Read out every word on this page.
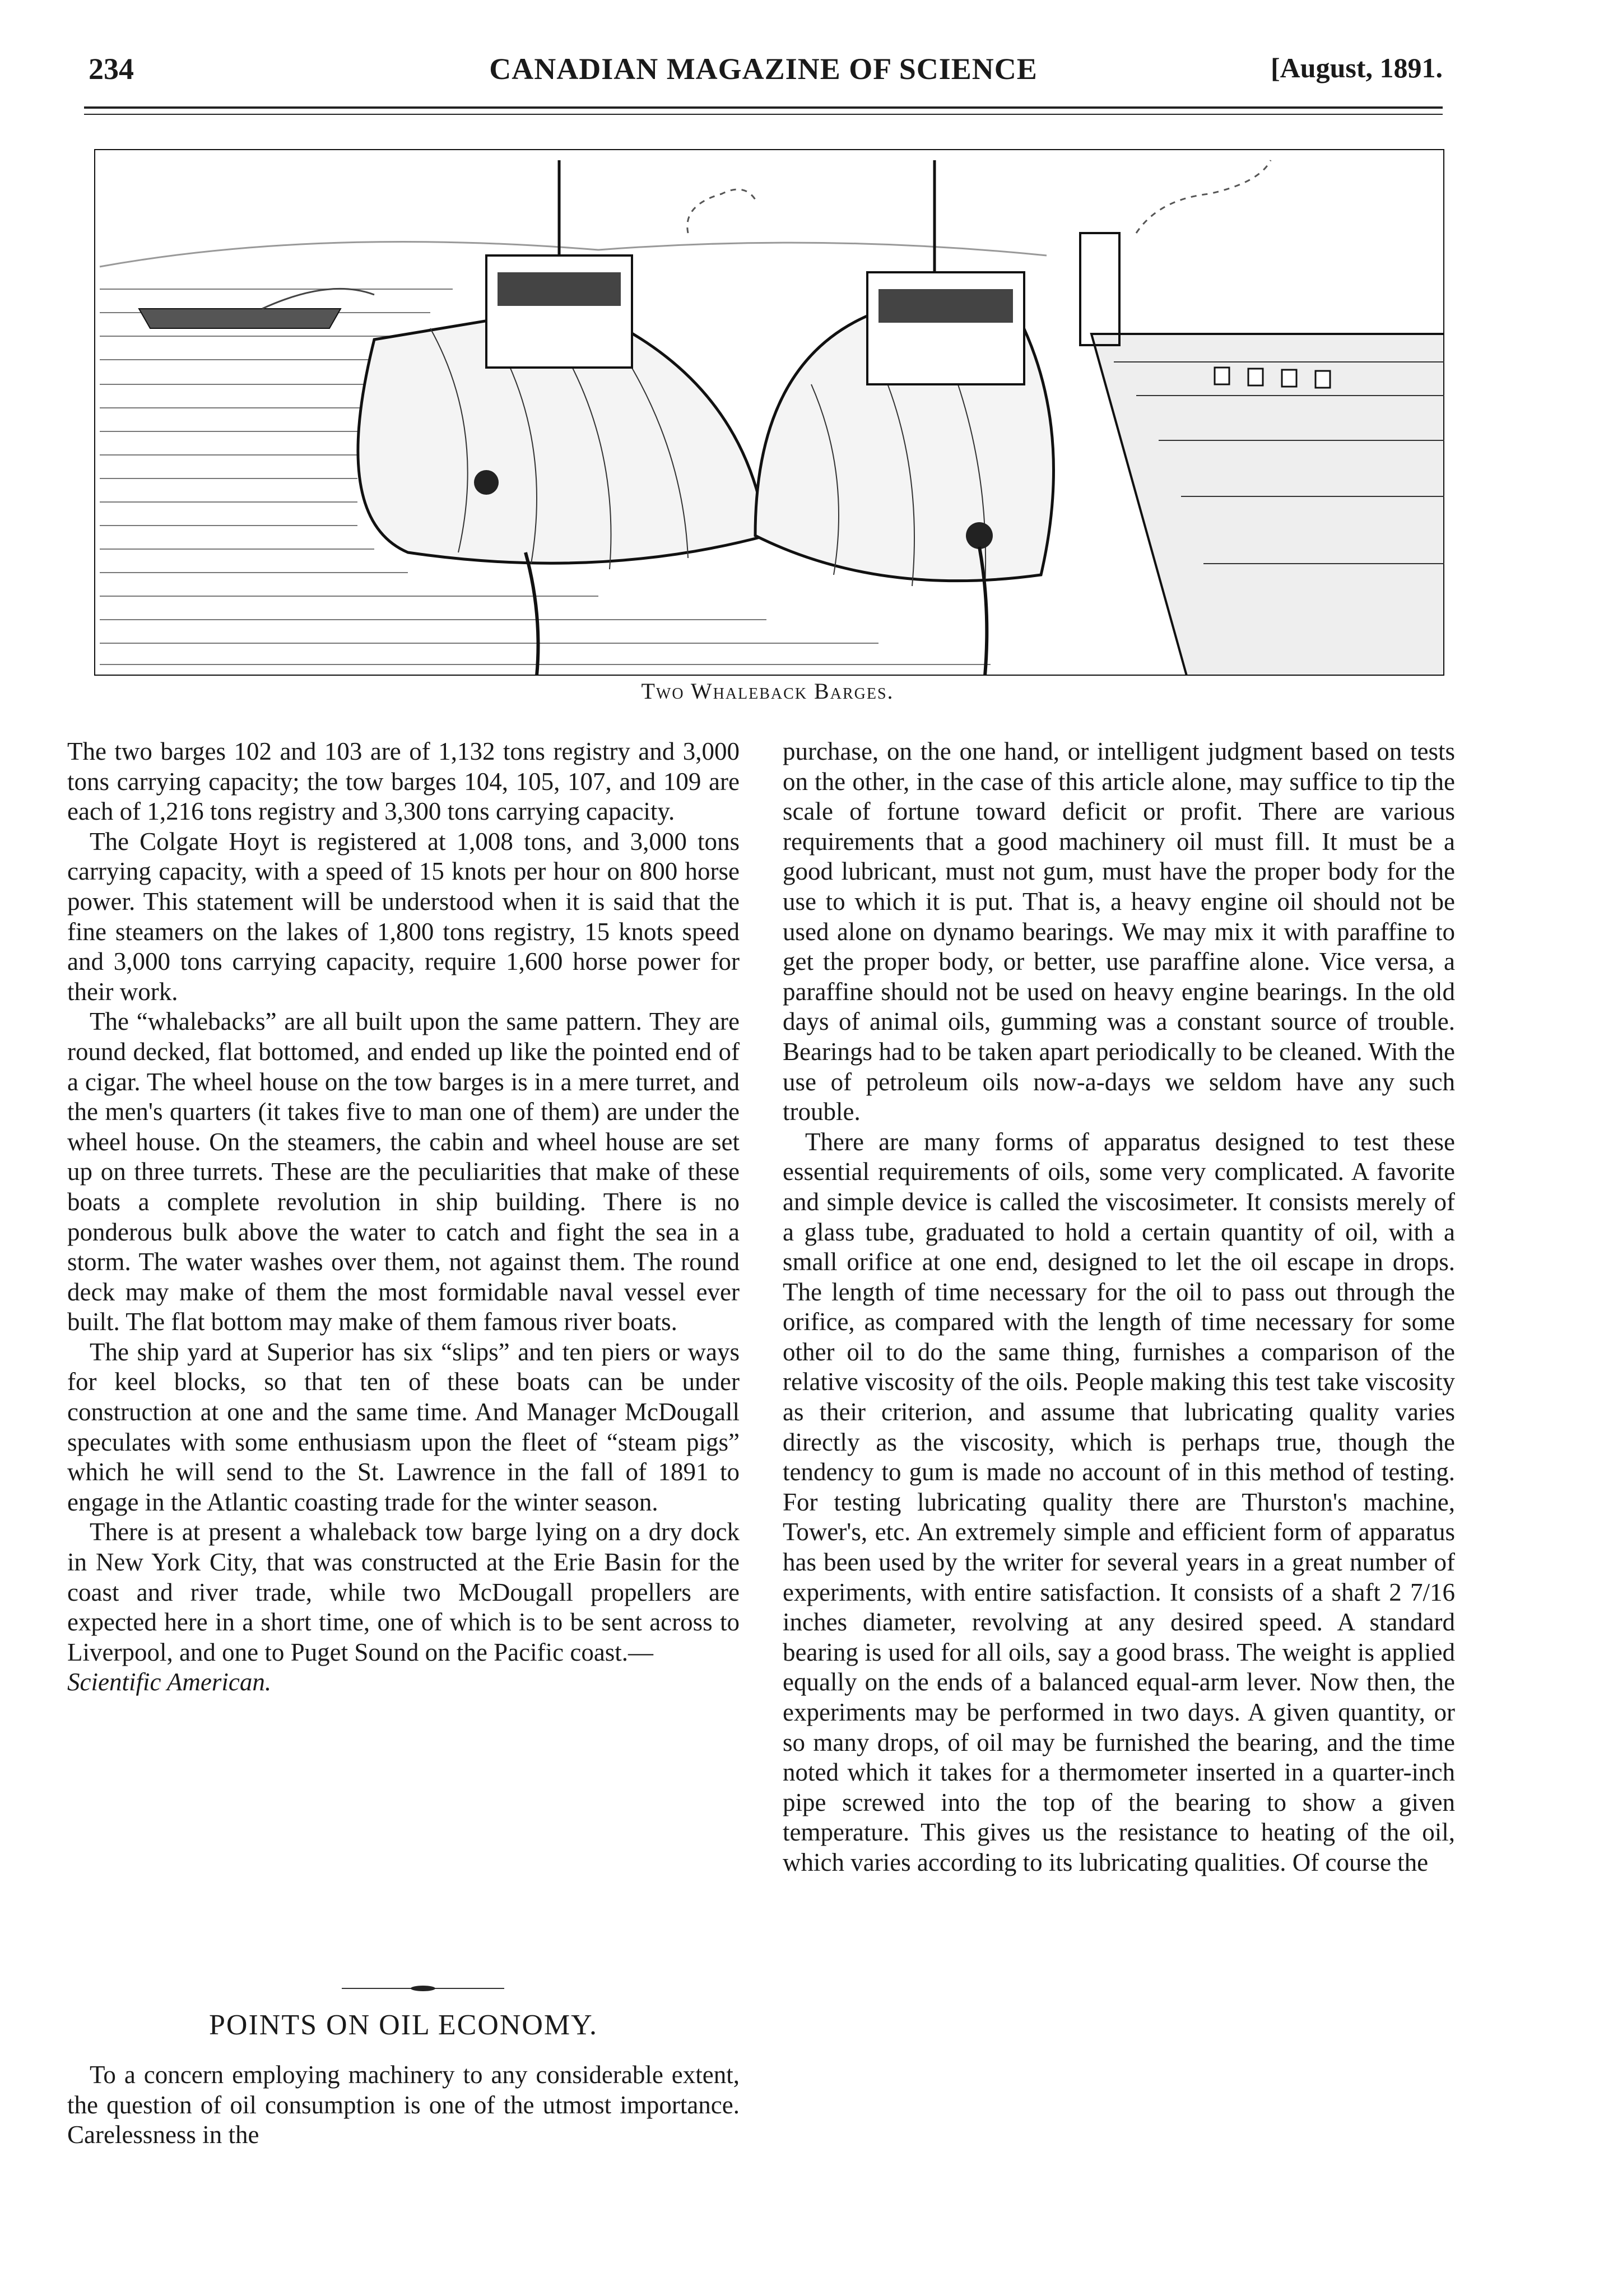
234	CANADIAN MAGAZINE OF SCIENCE	[August, 1891.
Two Whaleback Barges.

The two barges 102 and 103 are of 1,132 tons registry and 3,000 tons carrying capacity; the tow barges 104, 105, 107, and 109 are each of 1,216 tons registry and 3,300 tons carrying capacity.

The Colgate Hoyt is registered at 1,008 tons, and 3,000 tons carrying capacity, with a speed of 15 knots per hour on 800 horse power. This statement will be understood when it is said that the fine steamers on the lakes of 1,800 tons registry, 15 knots speed and 3,000 tons carrying capacity, require 1,600 horse power for their work.

The “whalebacks” are all built upon the same pattern. They are round decked, flat bottomed, and ended up like the pointed end of a cigar. The wheel house on the tow barges is in a mere turret, and the men's quarters (it takes five to man one of them) are under the wheel house. On the steamers, the cabin and wheel house are set up on three turrets. These are the peculiarities that make of these boats a complete revolution in ship building. There is no ponderous bulk above the water to catch and fight the sea in a storm. The water washes over them, not against them. The round deck may make of them the most formidable naval vessel ever built. The flat bottom may make of them famous river boats.

The ship yard at Superior has six “slips” and ten piers or ways for keel blocks, so that ten of these boats can be under construction at one and the same time. And Manager McDougall speculates with some enthusiasm upon the fleet of “steam pigs” which he will send to the St. Lawrence in the fall of 1891 to engage in the Atlantic coasting trade for the winter season.

There is at present a whaleback tow barge lying on a dry dock in New York City, that was constructed at the Erie Basin for the coast and river trade, while two McDougall propellers are expected here in a short time, one of which is to be sent across to Liverpool, and one to Puget Sound on the Pacific coast.—

Scientific American.

POINTS ON OIL ECONOMY.

To a concern employing machinery to any considerable extent, the question of oil consumption is one of the utmost importance. Carelessness in the

purchase, on the one hand, or intelligent judgment based on tests on the other, in the case of this article alone, may suffice to tip the scale of fortune toward deficit or profit. There are various requirements that a good machinery oil must fill. It must be a good lubricant, must not gum, must have the proper body for the use to which it is put. That is, a heavy engine oil should not be used alone on dynamo bearings. We may mix it with paraffine to get the proper body, or better, use paraffine alone. Vice versa, a paraffine should not be used on heavy engine bearings. In the old days of animal oils, gumming was a constant source of trouble. Bearings had to be taken apart periodically to be cleaned. With the use of petroleum oils now-a-days we seldom have any such trouble.

There are many forms of apparatus designed to test these essential requirements of oils, some very complicated. A favorite and simple device is called the viscosimeter. It consists merely of a glass tube, graduated to hold a certain quantity of oil, with a small orifice at one end, designed to let the oil escape in drops. The length of time necessary for the oil to pass out through the orifice, as compared with the length of time necessary for some other oil to do the same thing, furnishes a comparison of the relative viscosity of the oils. People making this test take viscosity as their criterion, and assume that lubricating quality varies directly as the viscosity, which is perhaps true, though the tendency to gum is made no account of in this method of testing. For testing lubricating quality there are Thurston's machine, Tower's, etc. An extremely simple and efficient form of apparatus has been used by the writer for several years in a great number of experiments, with entire satisfaction. It consists of a shaft 2 7/16 inches diameter, revolving at any desired speed. A standard bearing is used for all oils, say a good brass. The weight is applied equally on the ends of a balanced equal-arm lever. Now then, the experiments may be performed in two days. A given quantity, or so many drops, of oil may be furnished the bearing, and the time noted which it takes for a thermometer inserted in a quarter-inch pipe screwed into the top of the bearing to show a given temperature. This gives us the resistance to heating of the oil, which varies according to its lubricating qualities. Of course the
